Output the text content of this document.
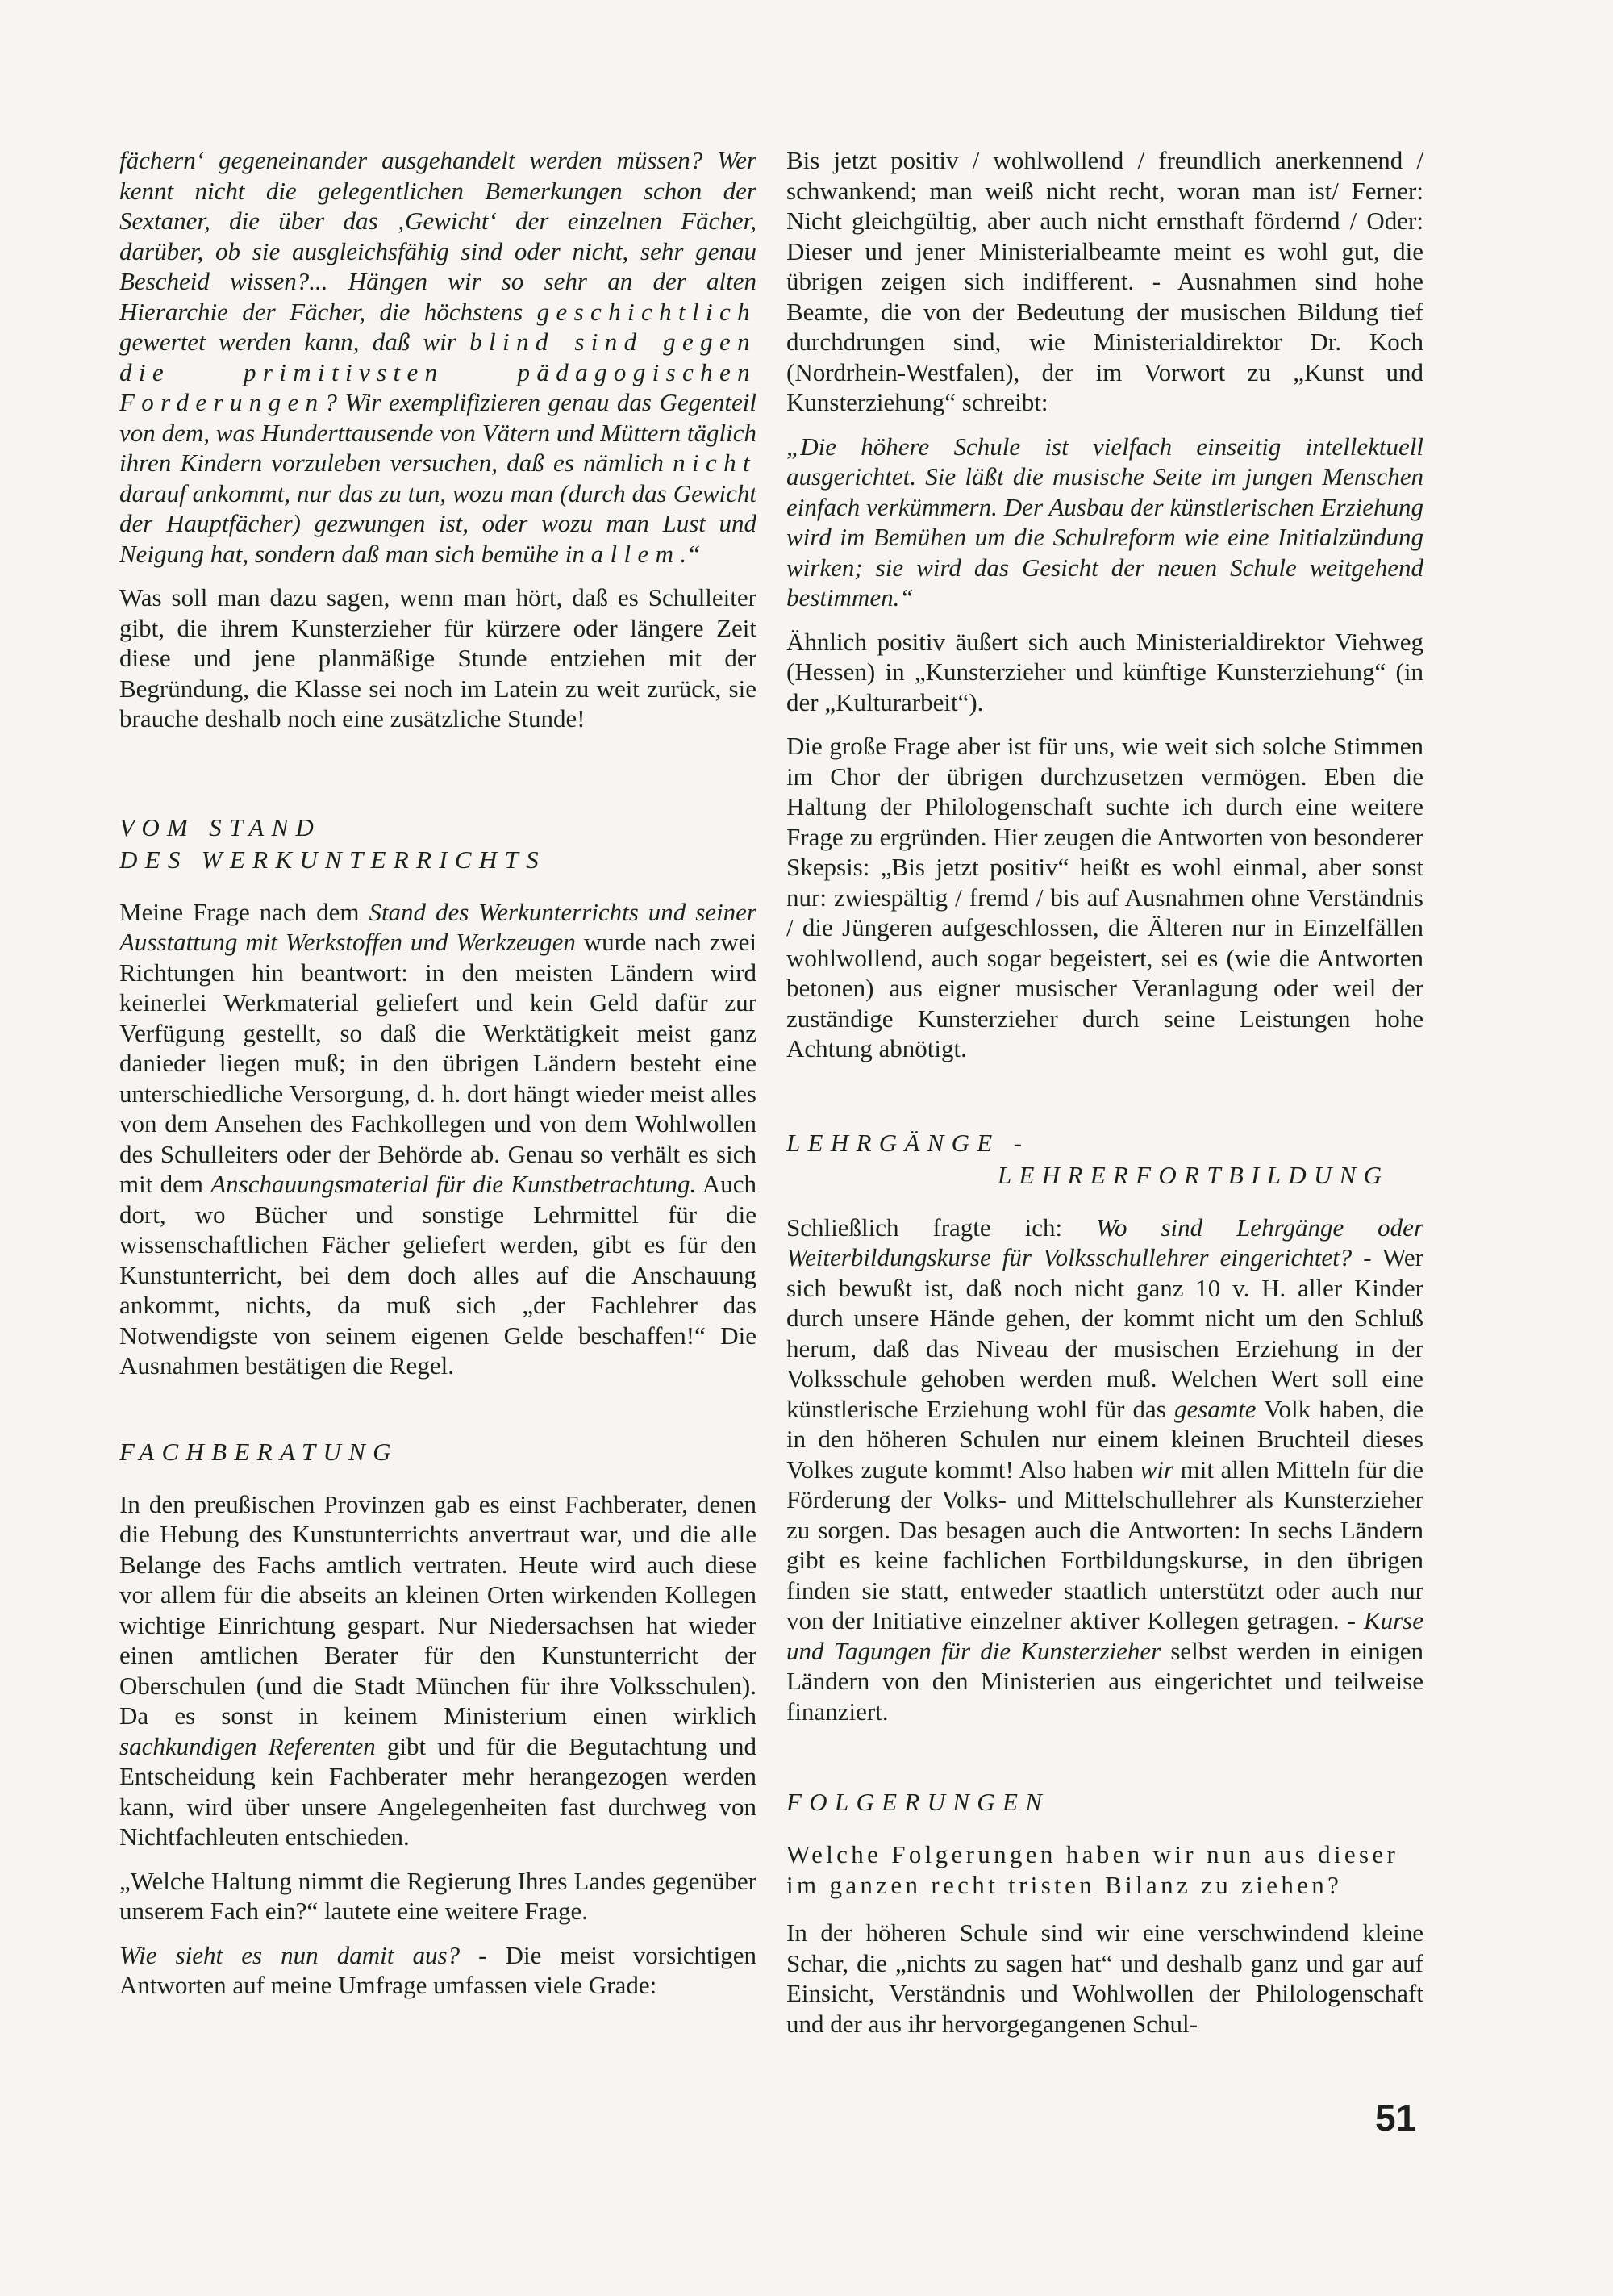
fächern‘ gegeneinander ausgehandelt werden müssen? Wer kennt nicht die gelegentlichen Bemerkungen schon der Sextaner, die über das ‚Gewicht‘ der einzelnen Fächer, darüber, ob sie ausgleichsfähig sind oder nicht, sehr genau Bescheid wissen?... Hängen wir so sehr an der alten Hierarchie der Fächer, die höchstens geschichtlich gewertet werden kann, daß wir blind sind gegen die primitivsten pädagogischen Forderungen? Wir exemplifizieren genau das Gegenteil von dem, was Hunderttausende von Vätern und Müttern täglich ihren Kindern vorzuleben versuchen, daß es nämlich nicht darauf ankommt, nur das zu tun, wozu man (durch das Gewicht der Hauptfächer) gezwungen ist, oder wozu man Lust und Neigung hat, sondern daß man sich bemühe in allem.“

Was soll man dazu sagen, wenn man hört, daß es Schulleiter gibt, die ihrem Kunsterzieher für kürzere oder längere Zeit diese und jene planmäßige Stunde entziehen mit der Begründung, die Klasse sei noch im Latein zu weit zurück, sie brauche deshalb noch eine zusätzliche Stunde!

VOM STAND
DES WERKUNTERRICHTS

Meine Frage nach dem Stand des Werkunterrichts und seiner Ausstattung mit Werkstoffen und Werkzeugen wurde nach zwei Richtungen hin beantwort: in den meisten Ländern wird keinerlei Werkmaterial geliefert und kein Geld dafür zur Verfügung gestellt, so daß die Werktätigkeit meist ganz danieder liegen muß; in den übrigen Ländern besteht eine unterschiedliche Versorgung, d. h. dort hängt wieder meist alles von dem Ansehen des Fachkollegen und von dem Wohlwollen des Schulleiters oder der Behörde ab. Genau so verhält es sich mit dem Anschauungsmaterial für die Kunstbetrachtung. Auch dort, wo Bücher und sonstige Lehrmittel für die wissenschaftlichen Fächer geliefert werden, gibt es für den Kunstunterricht, bei dem doch alles auf die Anschauung ankommt, nichts, da muß sich „der Fachlehrer das Notwendigste von seinem eigenen Gelde beschaffen!“ Die Ausnahmen bestätigen die Regel.

FACHBERATUNG

In den preußischen Provinzen gab es einst Fachberater, denen die Hebung des Kunstunterrichts anvertraut war, und die alle Belange des Fachs amtlich vertraten. Heute wird auch diese vor allem für die abseits an kleinen Orten wirkenden Kollegen wichtige Einrichtung gespart. Nur Niedersachsen hat wieder einen amtlichen Berater für den Kunstunterricht der Oberschulen (und die Stadt München für ihre Volksschulen). Da es sonst in keinem Ministerium einen wirklich sachkundigen Referenten gibt und für die Begutachtung und Entscheidung kein Fachberater mehr herangezogen werden kann, wird über unsere Angelegenheiten fast durchweg von Nichtfachleuten entschieden.

„Welche Haltung nimmt die Regierung Ihres Landes gegenüber unserem Fach ein?“ lautete eine weitere Frage.

Wie sieht es nun damit aus? - Die meist vorsichtigen Antworten auf meine Umfrage umfassen viele Grade:

Bis jetzt positiv / wohlwollend / freundlich anerkennend / schwankend; man weiß nicht recht, woran man ist/ Ferner: Nicht gleichgültig, aber auch nicht ernsthaft fördernd / Oder: Dieser und jener Ministerialbeamte meint es wohl gut, die übrigen zeigen sich indifferent. - Ausnahmen sind hohe Beamte, die von der Bedeutung der musischen Bildung tief durchdrungen sind, wie Ministerialdirektor Dr. Koch (Nordrhein-Westfalen), der im Vorwort zu „Kunst und Kunsterziehung“ schreibt:

„Die höhere Schule ist vielfach einseitig intellektuell ausgerichtet. Sie läßt die musische Seite im jungen Menschen einfach verkümmern. Der Ausbau der künstlerischen Erziehung wird im Bemühen um die Schulreform wie eine Initialzündung wirken; sie wird das Gesicht der neuen Schule weitgehend bestimmen.“

Ähnlich positiv äußert sich auch Ministerialdirektor Viehweg (Hessen) in „Kunsterzieher und künftige Kunsterziehung“ (in der „Kulturarbeit“).

Die große Frage aber ist für uns, wie weit sich solche Stimmen im Chor der übrigen durchzusetzen vermögen. Eben die Haltung der Philologenschaft suchte ich durch eine weitere Frage zu ergründen. Hier zeugen die Antworten von besonderer Skepsis: „Bis jetzt positiv“ heißt es wohl einmal, aber sonst nur: zwiespältig / fremd / bis auf Ausnahmen ohne Verständnis / die Jüngeren aufgeschlossen, die Älteren nur in Einzelfällen wohlwollend, auch sogar begeistert, sei es (wie die Antworten betonen) aus eigner musischer Veranlagung oder weil der zuständige Kunsterzieher durch seine Leistungen hohe Achtung abnötigt.

LEHRGÄNGE -
LEHRERFORTBILDUNG

Schließlich fragte ich: Wo sind Lehrgänge oder Weiterbildungskurse für Volksschullehrer eingerichtet? - Wer sich bewußt ist, daß noch nicht ganz 10 v. H. aller Kinder durch unsere Hände gehen, der kommt nicht um den Schluß herum, daß das Niveau der musischen Erziehung in der Volksschule gehoben werden muß. Welchen Wert soll eine künstlerische Erziehung wohl für das gesamte Volk haben, die in den höheren Schulen nur einem kleinen Bruchteil dieses Volkes zugute kommt! Also haben wir mit allen Mitteln für die Förderung der Volks- und Mittelschullehrer als Kunsterzieher zu sorgen. Das besagen auch die Antworten: In sechs Ländern gibt es keine fachlichen Fortbildungskurse, in den übrigen finden sie statt, entweder staatlich unterstützt oder auch nur von der Initiative einzelner aktiver Kollegen getragen. - Kurse und Tagungen für die Kunsterzieher selbst werden in einigen Ländern von den Ministerien aus eingerichtet und teilweise finanziert.

FOLGERUNGEN

Welche Folgerungen haben wir nun aus dieser im ganzen recht tristen Bilanz zu ziehen?

In der höheren Schule sind wir eine verschwindend kleine Schar, die „nichts zu sagen hat“ und deshalb ganz und gar auf Einsicht, Verständnis und Wohlwollen der Philologenschaft und der aus ihr hervorgegangenen Schul-

51
